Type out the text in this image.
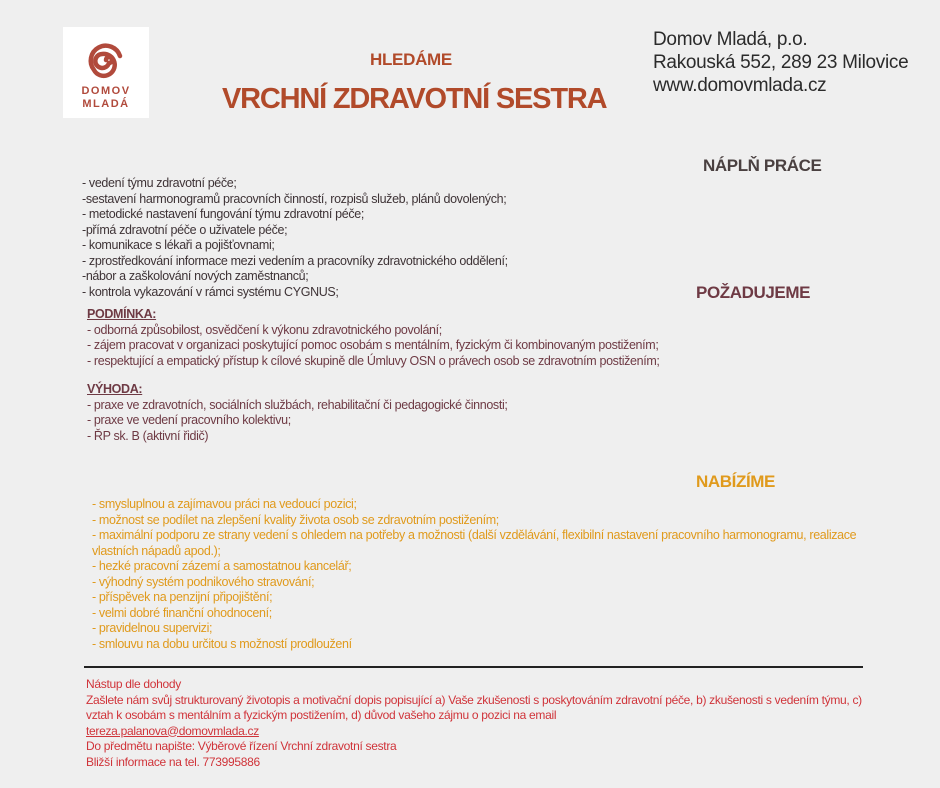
DOMOV
MLADÁ
HLEDÁME
VRCHNÍ ZDRAVOTNÍ SESTRA
Domov Mladá, p.o.
Rakouská 552, 289 23 Milovice
www.domovmlada.cz
NÁPLŇ PRÁCE
- vedení týmu zdravotní péče;
-sestavení harmonogramů pracovních činností, rozpisů služeb, plánů dovolených;
- metodické nastavení fungování týmu zdravotní péče;
-přímá zdravotní péče o uživatele péče;
- komunikace s lékaři a pojišťovnami;
- zprostředkování informace mezi vedením a pracovníky zdravotnického oddělení;
-nábor a zaškolování nových zaměstnanců;
- kontrola vykazování v rámci systému CYGNUS;	POŽADUJEME
PODMÍNKA:
- odborná způsobilost, osvědčení k výkonu zdravotnického povolání;
- zájem pracovat v organizaci poskytující pomoc osobám s mentálním, fyzickým či kombinovaným postižením;
- respektující a empatický přístup k cílové skupině dle Úmluvy OSN o právech osob se zdravotním postižením;
VÝHODA:
- praxe ve zdravotních, sociálních službách, rehabilitační či pedagogické činnosti;
- praxe ve vedení pracovního kolektivu;
- ŘP sk. B (aktivní řidič)
NABÍZÍME
- smysluplnou a zajímavou práci na vedoucí pozici;
- možnost se podílet na zlepšení kvality života osob se zdravotním postižením;
- maximální podporu ze strany vedení s ohledem na potřeby a možnosti (další vzdělávání, flexibilní nastavení pracovního harmonogramu, realizace vlastních nápadů apod.);
- hezké pracovní zázemí a samostatnou kancelář;
- výhodný systém podnikového stravování;
- příspěvek na penzijní připojištění;
- velmi dobré finanční ohodnocení;
- pravidelnou supervizi;
- smlouvu na dobu určitou s možností prodloužení
Nástup dle dohody
Zašlete nám svůj strukturovaný životopis a motivační dopis popisující a) Vaše zkušenosti s poskytováním zdravotní péče, b) zkušenosti s vedením týmu, c) vztah k osobám s mentálním a fyzickým postižením, d) důvod vašeho zájmu o pozici na email
tereza.palanova@domovmlada.cz
Do předmětu napište: Výběrové řízení Vrchní zdravotní sestra
Bližší informace na tel. 773995886
